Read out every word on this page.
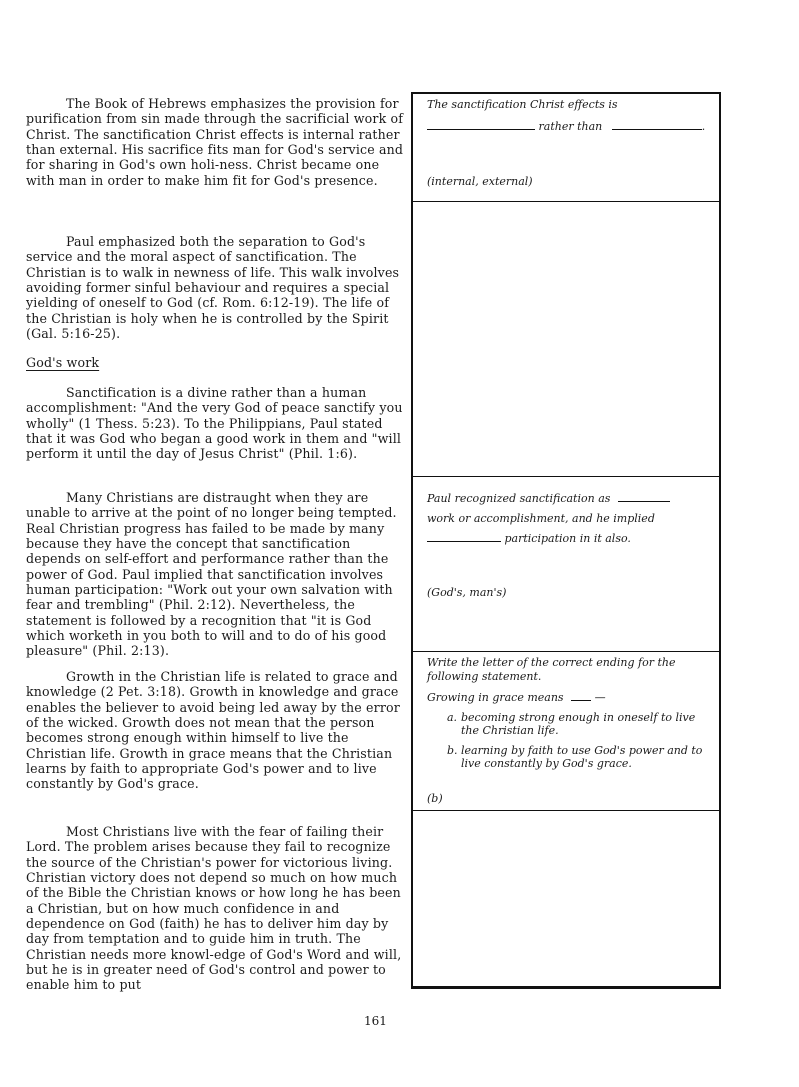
The Book of Hebrews emphasizes the provision for purification from sin made through the sacrificial work of Christ. The sanctification Christ effects is internal rather than external. His sacrifice fits man for God's service and for sharing in God's own holi-ness. Christ became one with man in order to make him fit for God's presence.

Paul emphasized both the separation to God's service and the moral aspect of sanctification. The Christian is to walk in newness of life. This walk involves avoiding former sinful behaviour and requires a special yielding of oneself to God (cf. Rom. 6:12-19). The life of the Christian is holy when he is controlled by the Spirit (Gal. 5:16-25).

God's work

Sanctification is a divine rather than a human accomplishment: "And the very God of peace sanctify you wholly" (1 Thess. 5:23). To the Philippians, Paul stated that it was God who began a good work in them and "will perform it until the day of Jesus Christ" (Phil. 1:6).

Many Christians are distraught when they are unable to arrive at the point of no longer being tempted. Real Christian progress has failed to be made by many because they have the concept that sanctification depends on self-effort and performance rather than the power of God. Paul implied that sanctification involves human participation: "Work out your own salvation with fear and trembling" (Phil. 2:12). Nevertheless, the statement is followed by a recognition that "it is God which worketh in you both to will and to do of his good pleasure" (Phil. 2:13).

Growth in the Christian life is related to grace and knowledge (2 Pet. 3:18). Growth in knowledge and grace enables the believer to avoid being led away by the error of the wicked. Growth does not mean that the person becomes strong enough within himself to live the Christian life. Growth in grace means that the Christian learns by faith to appropriate God's power and to live constantly by God's grace.

Most Christians live with the fear of failing their Lord. The problem arises because they fail to recognize the source of the Christian's power for victorious living. Christian victory does not depend so much on how much of the Bible the Christian knows or how long he has been a Christian, but on how much confidence in and dependence on God (faith) he has to deliver him day by day from temptation and to guide him in truth. The Christian needs more knowl-edge of God's Word and will, but he is in greater need of God's control and power to enable him to put

The sanctification Christ effects is
rather than	.
(internal, external)
Paul recognized sanctification as
work or accomplishment, and he implied
participation in it also.
(God's, man's)
Write the letter of the correct ending for the following statement.
Growing in grace means	—
a. becoming strong enough in oneself to live the Christian life.
b. learning by faith to use God's power and to live constantly by God's grace.
(b)
161
